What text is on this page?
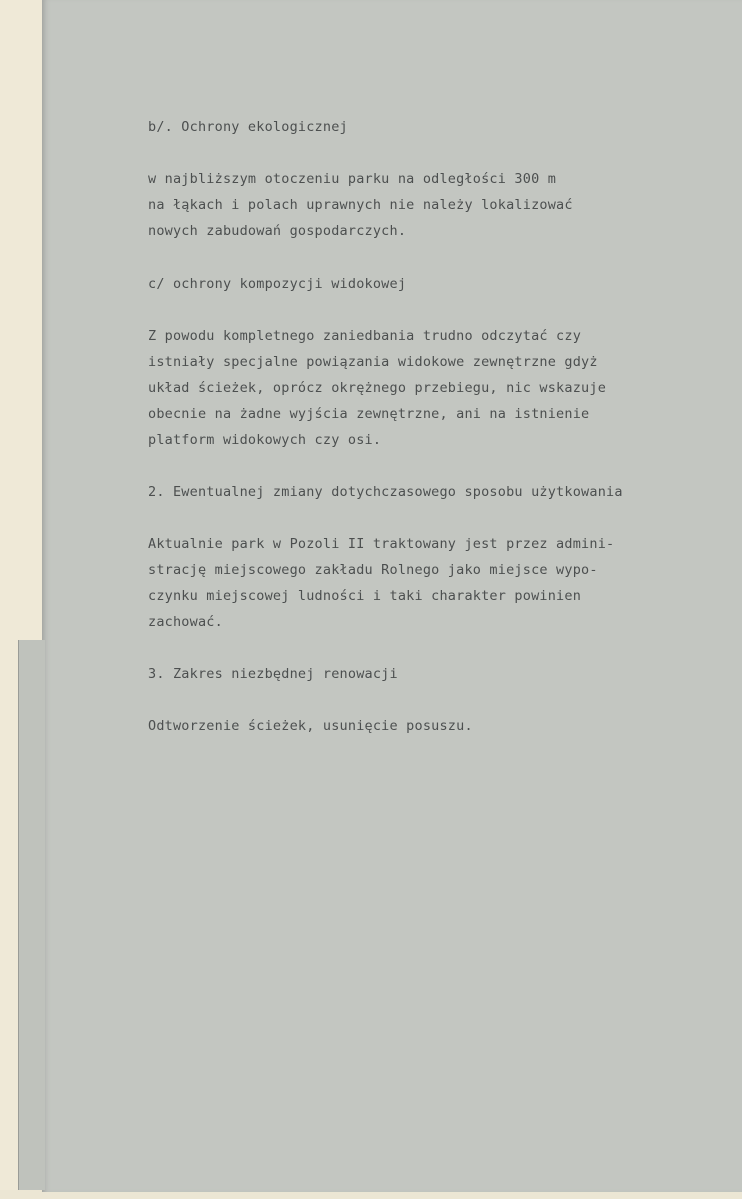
b/. Ochrony ekologicznej
w najbliższym otoczeniu parku na odległości 300 m
na łąkach i polach uprawnych nie należy lokalizować
nowych zabudowań gospodarczych.
c/ ochrony kompozycji widokowej
Z powodu kompletnego zaniedbania trudno odczytać czy
istniały specjalne powiązania widokowe zewnętrzne gdyż
układ ścieżek, oprócz okrężnego przebiegu, nic wskazuje
obecnie na żadne wyjścia zewnętrzne, ani na istnienie
platform widokowych czy osi.
2. Ewentualnej zmiany dotychczasowego sposobu użytkowania
Aktualnie park w Pozoli II traktowany jest przez admini-
strację miejscowego zakładu Rolnego jako miejsce wypo-
czynku miejscowej ludności i taki charakter powinien
zachować.
3. Zakres niezbędnej renowacji
Odtworzenie ścieżek, usunięcie posuszu.
